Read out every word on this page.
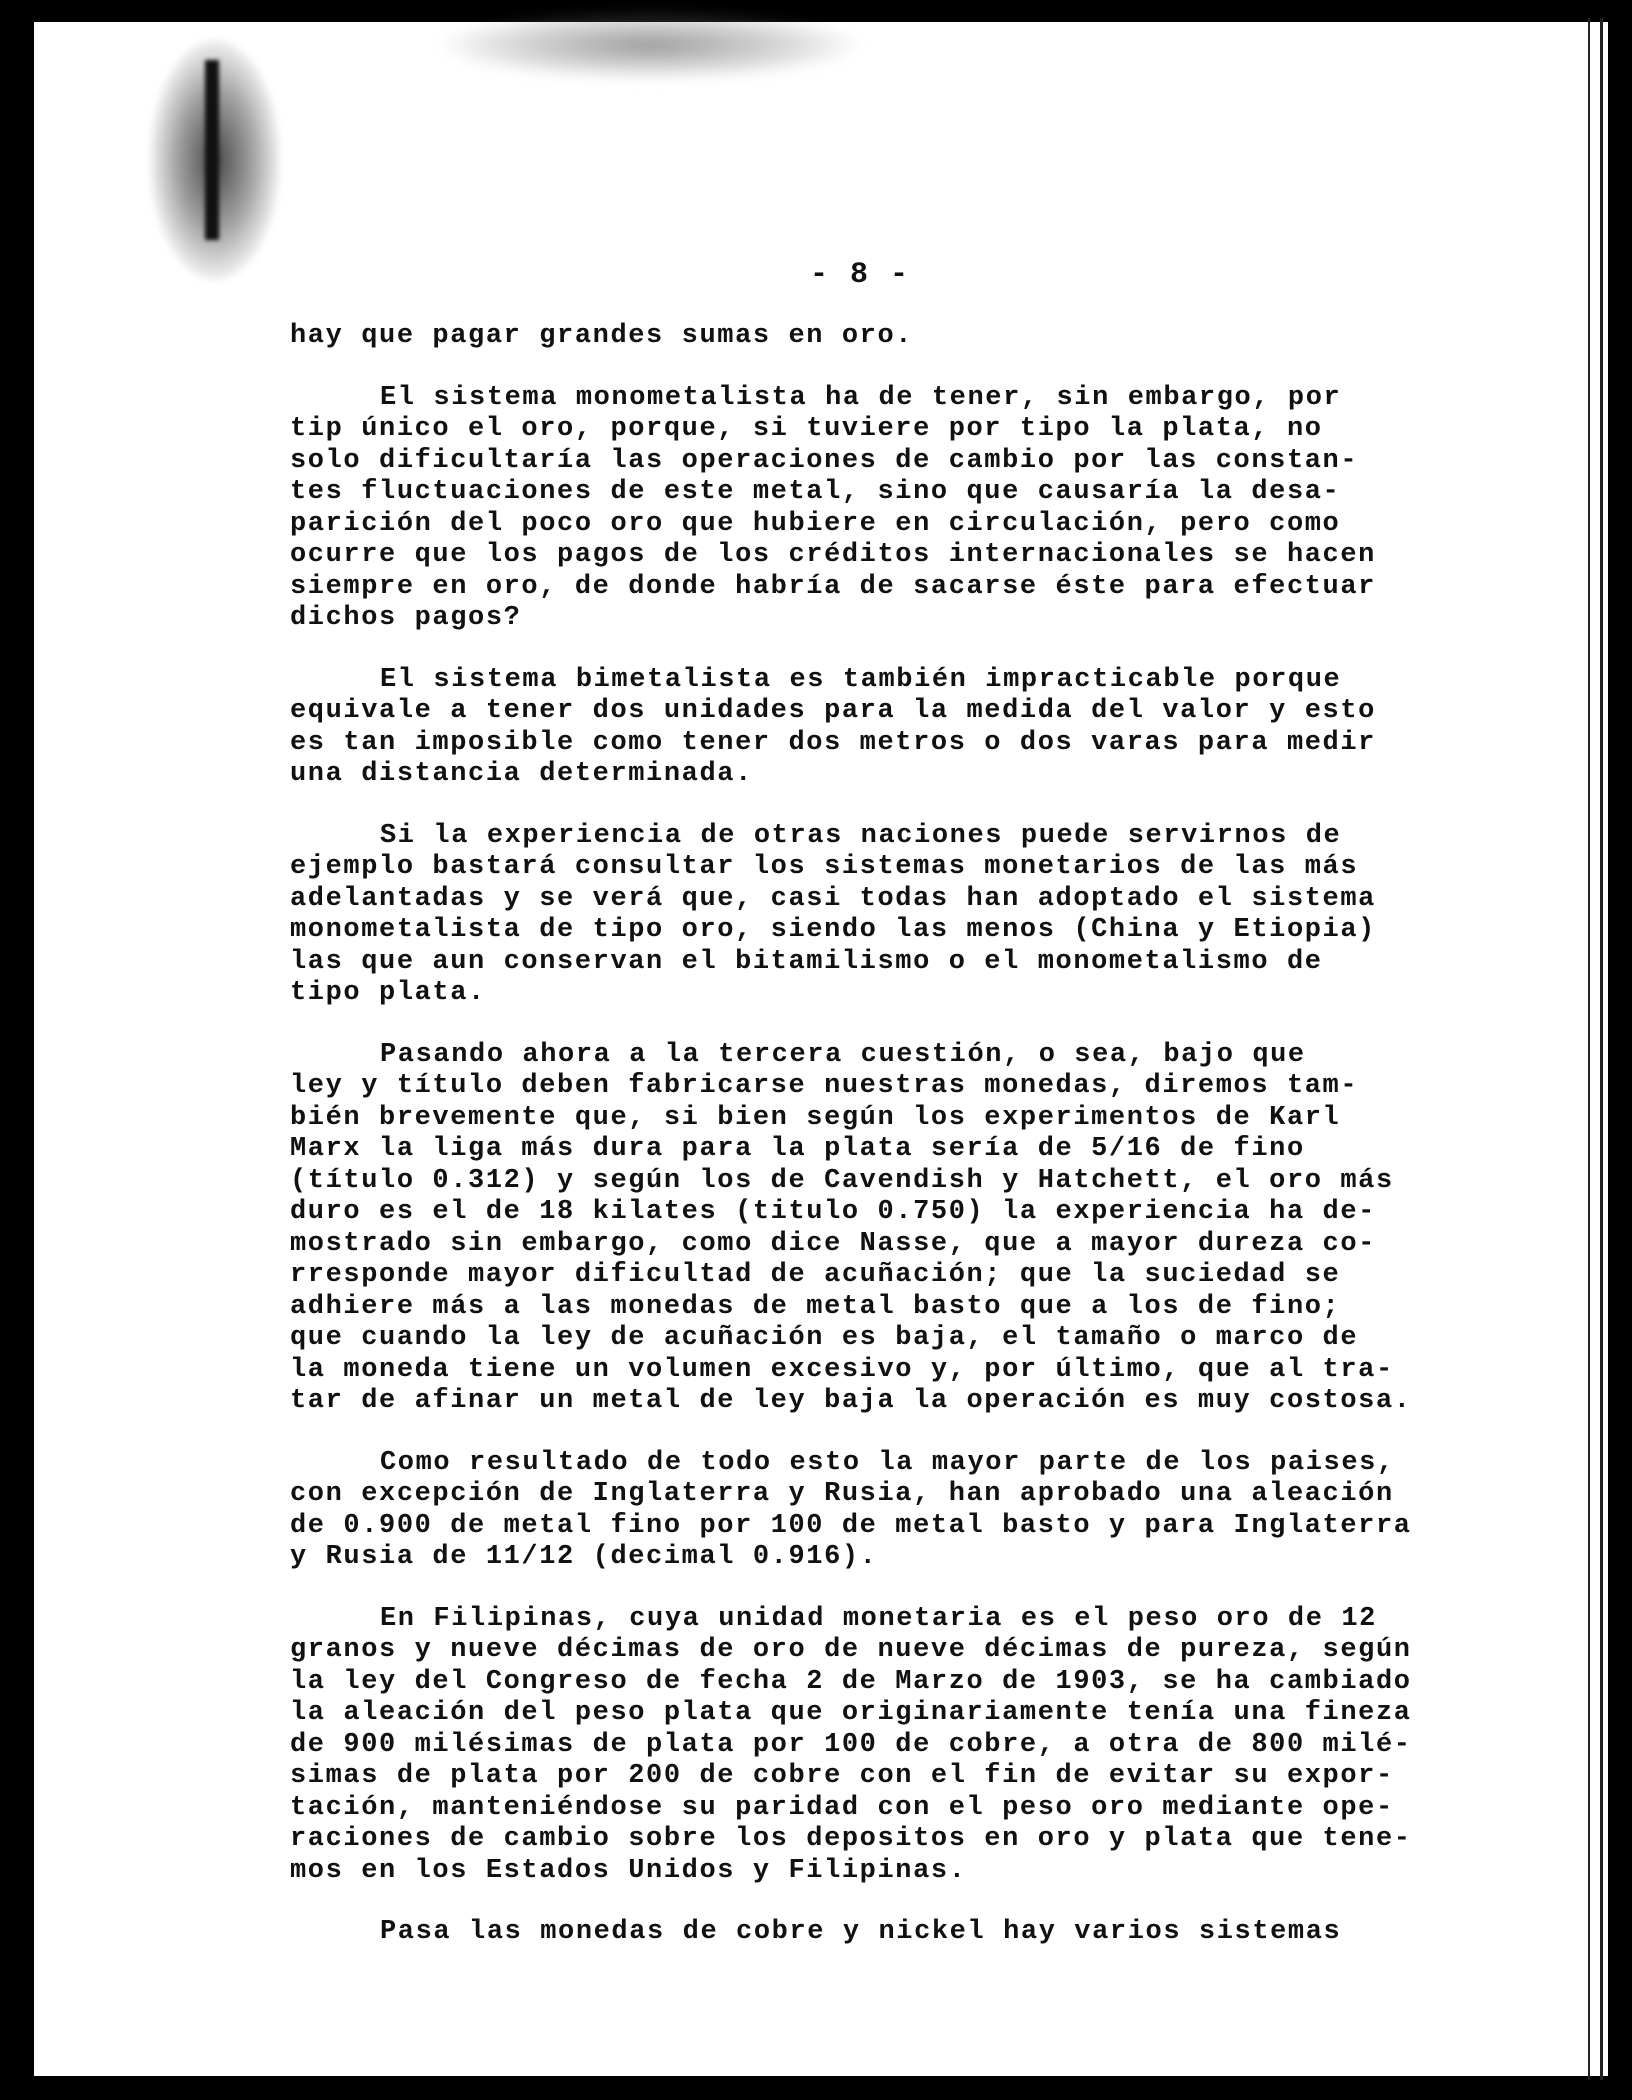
- 8 -
hay que pagar grandes sumas en oro.
El sistema monometalista ha de tener, sin embargo, por
tip único el oro, porque, si tuviere por tipo la plata, no
solo dificultaría las operaciones de cambio por las constan-
tes fluctuaciones de este metal, sino que causaría la desa-
parición del poco oro que hubiere en circulación, pero como
ocurre que los pagos de los créditos internacionales se hacen
siempre en oro, de donde habría de sacarse éste para efectuar
dichos pagos?
El sistema bimetalista es también impracticable porque
equivale a tener dos unidades para la medida del valor y esto
es tan imposible como tener dos metros o dos varas para medir
una distancia determinada.
Si la experiencia de otras naciones puede servirnos de
ejemplo bastará consultar los sistemas monetarios de las más
adelantadas y se verá que, casi todas han adoptado el sistema
monometalista de tipo oro, siendo las menos (China y Etiopia)
las que aun conservan el bitamilismo o el monometalismo de
tipo plata.
Pasando ahora a la tercera cuestión, o sea, bajo que
ley y título deben fabricarse nuestras monedas, diremos tam-
bién brevemente que, si bien según los experimentos de Karl
Marx la liga más dura para la plata sería de 5/16 de fino
(título 0.312) y según los de Cavendish y Hatchett, el oro más
duro es el de 18 kilates (titulo 0.750) la experiencia ha de-
mostrado sin embargo, como dice Nasse, que a mayor dureza co-
rresponde mayor dificultad de acuñación; que la suciedad se
adhiere más a las monedas de metal basto que a los de fino;
que cuando la ley de acuñación es baja, el tamaño o marco de
la moneda tiene un volumen excesivo y, por último, que al tra-
tar de afinar un metal de ley baja la operación es muy costosa.
Como resultado de todo esto la mayor parte de los paises,
con excepción de Inglaterra y Rusia, han aprobado una aleación
de 0.900 de metal fino por 100 de metal basto y para Inglaterra
y Rusia de 11/12 (decimal 0.916).
En Filipinas, cuya unidad monetaria es el peso oro de 12
granos y nueve décimas de oro de nueve décimas de pureza, según
la ley del Congreso de fecha 2 de Marzo de 1903, se ha cambiado
la aleación del peso plata que originariamente tenía una fineza
de 900 milésimas de plata por 100 de cobre, a otra de 800 milé-
simas de plata por 200 de cobre con el fin de evitar su expor-
tación, manteniéndose su paridad con el peso oro mediante ope-
raciones de cambio sobre los depositos en oro y plata que tene-
mos en los Estados Unidos y Filipinas.
Pasa las monedas de cobre y nickel hay varios sistemas
